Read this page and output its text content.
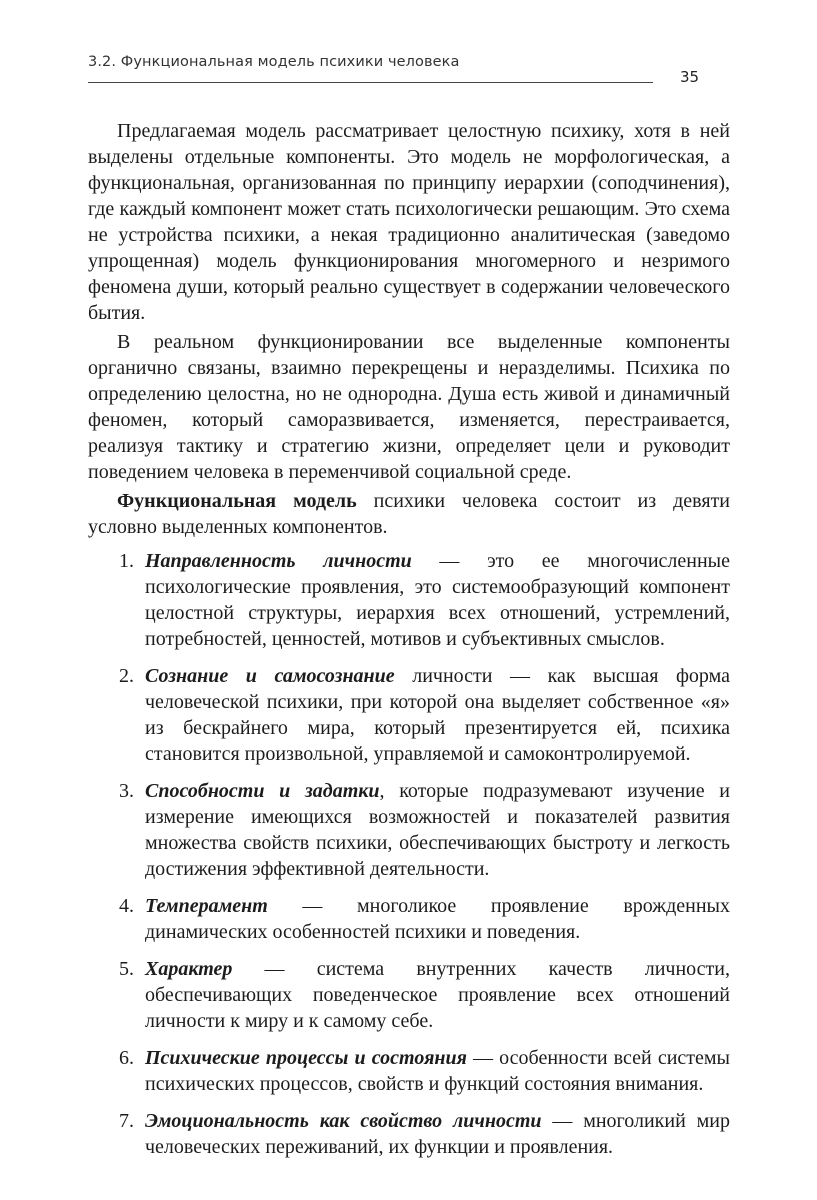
3.2. Функциональная модель психики человека
35

Предлагаемая модель рассматривает целостную психику, хотя в ней выделены отдельные компоненты. Это модель не морфологическая, а функциональная, организованная по принципу иерархии (соподчинения), где каждый компонент может стать психологически решающим. Это схема не устройства психики, а некая традиционно аналитическая (заведомо упрощенная) модель функционирования многомерного и незримого феномена души, который реально существует в содержании человеческого бытия.

В реальном функционировании все выделенные компоненты органично связаны, взаимно перекрещены и неразделимы. Психика по определению целостна, но не однородна. Душа есть живой и динамичный феномен, который саморазвивается, изменяется, перестраивается, реализуя тактику и стратегию жизни, определяет цели и руководит поведением человека в переменчивой социальной среде.

Функциональная модель психики человека состоит из девяти условно выделенных компонентов.

1. Направленность личности — это ее многочисленные психологические проявления, это системообразующий компонент целостной структуры, иерархия всех отношений, устремлений, потребностей, ценностей, мотивов и субъективных смыслов.
2. Сознание и самосознание личности — как высшая форма человеческой психики, при которой она выделяет собственное «я» из бескрайнего мира, который презентируется ей, психика становится произвольной, управляемой и самоконтролируемой.
3. Способности и задатки, которые подразумевают изучение и измерение имеющихся возможностей и показателей развития множества свойств психики, обеспечивающих быстроту и легкость достижения эффективной деятельности.
4. Темперамент — многоликое проявление врожденных динамических особенностей психики и поведения.
5. Характер — система внутренних качеств личности, обеспечивающих поведенческое проявление всех отношений личности к миру и к самому себе.
6. Психические процессы и состояния — особенности всей системы психических процессов, свойств и функций состояния внимания.
7. Эмоциональность как свойство личности — многоликий мир человеческих переживаний, их функции и проявления.
